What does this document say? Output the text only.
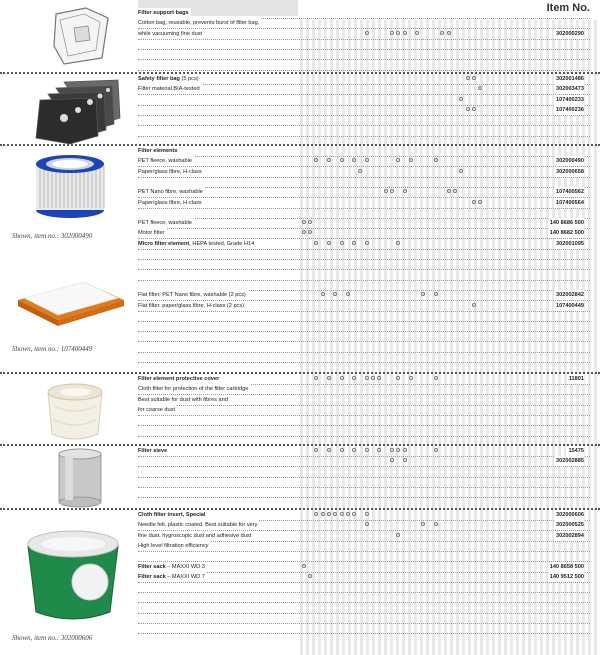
Item No.
Filter support bags
Cotton bag, reusable, prevents burst of filter bag,
while vacuuming fine dust	302000290
Safety filter bag (5 pcs)	302001486
Filter material BIA-tested	302003473
107400233
107400236
Filter elements
PET fleece, washable	302000490
Paper/glass fibre, H-class	302000658
PET Nano fibre, washable	107400562
Paper/glass fibre, H-class	107400564
PET fleece, washable	140 8686 500
Motor filter	140 8682 500
Micro filter element, HEPA tested, Grade H14	302001095
Flat filter, PET Nano fibre, washable (2 pcs)	302002842
Flat filter, paper/glass fibre, H-class (2 pcs)	107400449
Shown, item no.: 302000490
Shown, item no.: 107400449
Filter element protective cover	11801
Cloth filter for protection of the filter cartridge
Best suitable for dust with fibres and
for coarse dust
Filter sieve	15475
302002885
Cloth filter insert, Special	302000606
Needle felt, plastic coated. Best suitable for very	302000525
fine dust, hygroscopic dust and adhesive dust	302002894
High level filtration efficiency
Filter sack – MAXXI WD 3	140 8658 500
Filter sack – MAXXI WD 7	140 9512 500
Shown, item no.: 302000606
